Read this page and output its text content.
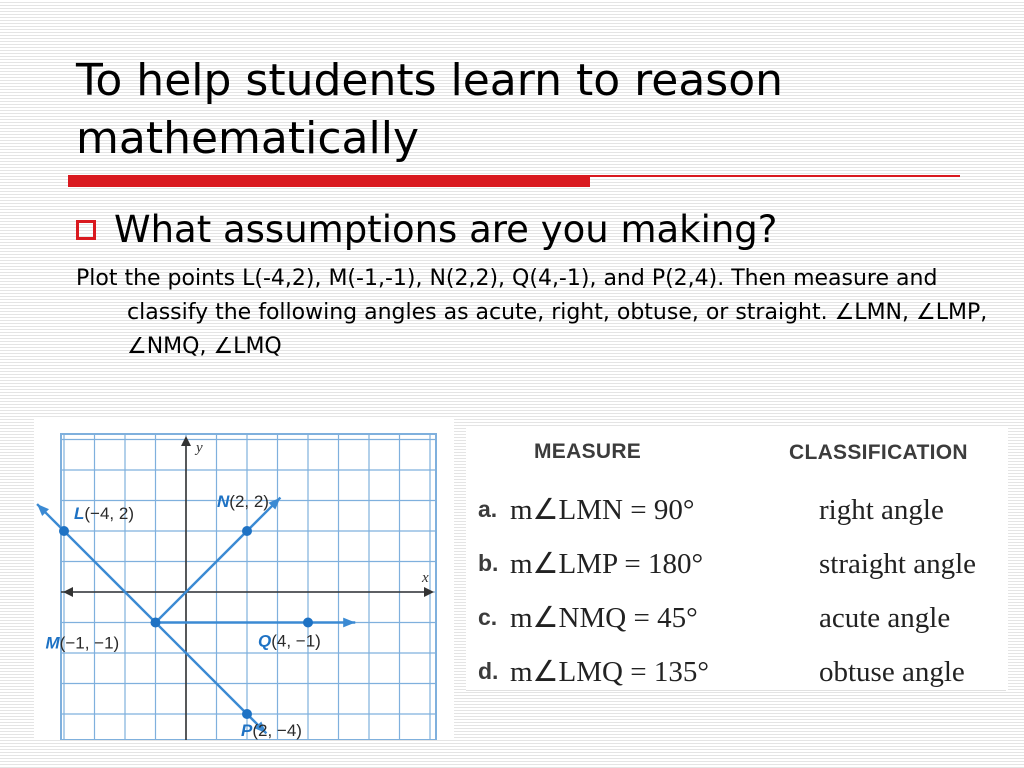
To help students learn to reason mathematically
What assumptions are you making?

Plot the points L(-4,2), M(-1,-1), N(2,2), Q(4,-1), and P(2,4). Then measure and classify the following angles as acute, right, obtuse, or straight. ∠LMN, ∠LMP, ∠NMQ, ∠LMQ

x
y
L(−4, 2)
M(−1, −1)
N(2, 2)
Q(4, −1)
P(2, −4)
MEASURE	CLASSIFICATION
a. m∠LMN = 90°	right angle
b. m∠LMP = 180°	straight angle
c. m∠NMQ = 45°	acute angle
d. m∠LMQ = 135°	obtuse angle
